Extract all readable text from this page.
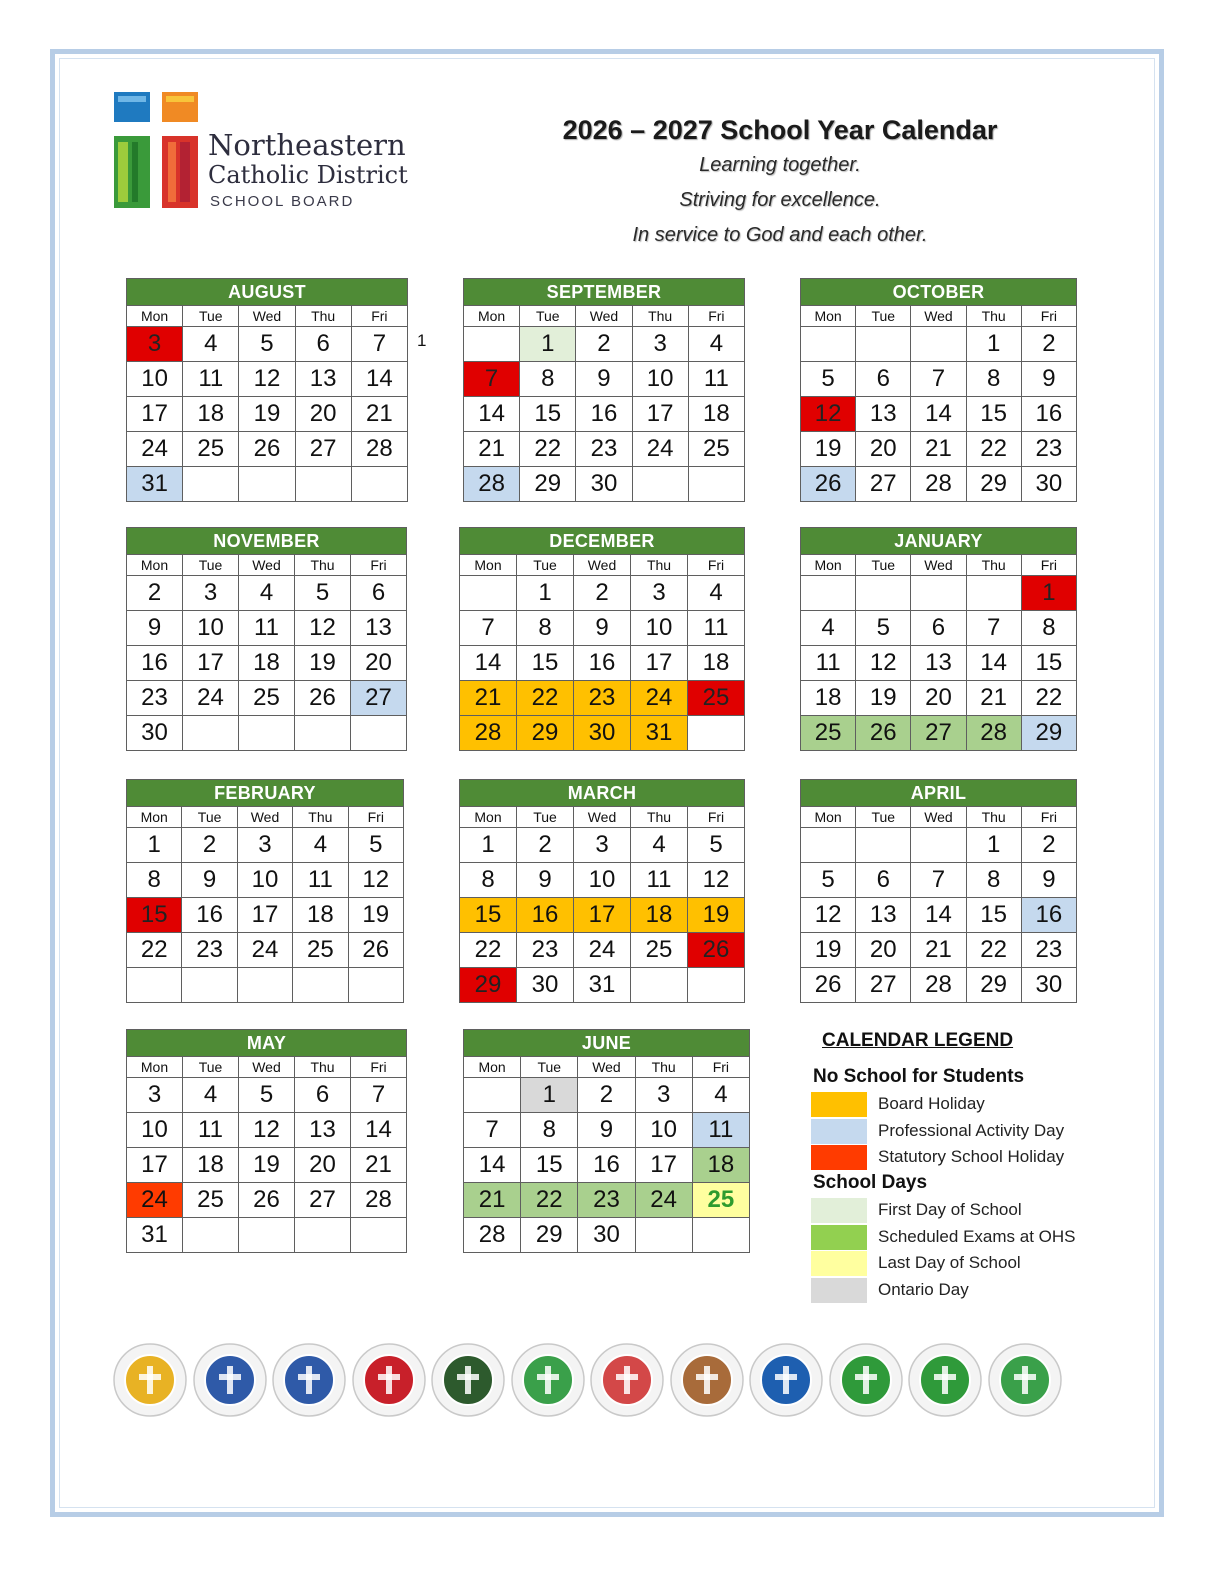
Northeastern
Catholic District
SCHOOL BOARD
2026 – 2027 School Year Calendar
Learning together.
Striving for excellence.
In service to God and each other.
1
AUGUST				
Mon	Tue	Wed	Thu	Fri
3	4	5	6	7
10	11	12	13	14
17	18	19	20	21
24	25	26	27	28
31				
SEPTEMBER				
Mon	Tue	Wed	Thu	Fri
	1	2	3	4
7	8	9	10	11
14	15	16	17	18
21	22	23	24	25
28	29	30		
OCTOBER				
Mon	Tue	Wed	Thu	Fri
			1	2
5	6	7	8	9
12	13	14	15	16
19	20	21	22	23
26	27	28	29	30
NOVEMBER				
Mon	Tue	Wed	Thu	Fri
2	3	4	5	6
9	10	11	12	13
16	17	18	19	20
23	24	25	26	27
30				
DECEMBER				
Mon	Tue	Wed	Thu	Fri
	1	2	3	4
7	8	9	10	11
14	15	16	17	18
21	22	23	24	25
28	29	30	31	
JANUARY				
Mon	Tue	Wed	Thu	Fri
				1
4	5	6	7	8
11	12	13	14	15
18	19	20	21	22
25	26	27	28	29
FEBRUARY				
Mon	Tue	Wed	Thu	Fri
1	2	3	4	5
8	9	10	11	12
15	16	17	18	19
22	23	24	25	26

MARCH				
Mon	Tue	Wed	Thu	Fri
1	2	3	4	5
8	9	10	11	12
15	16	17	18	19
22	23	24	25	26
29	30	31		
APRIL				
Mon	Tue	Wed	Thu	Fri
			1	2
5	6	7	8	9
12	13	14	15	16
19	20	21	22	23
26	27	28	29	30
MAY				
Mon	Tue	Wed	Thu	Fri
3	4	5	6	7
10	11	12	13	14
17	18	19	20	21
24	25	26	27	28
31				
JUNE				
Mon	Tue	Wed	Thu	Fri
	1	2	3	4
7	8	9	10	11
14	15	16	17	18
21	22	23	24	25
28	29	30		
CALENDAR LEGEND
No School for Students
Board Holiday
Professional Activity Day
Statutory School Holiday
School Days
First Day of School
Scheduled Exams at OHS
Last Day of School
Ontario Day
